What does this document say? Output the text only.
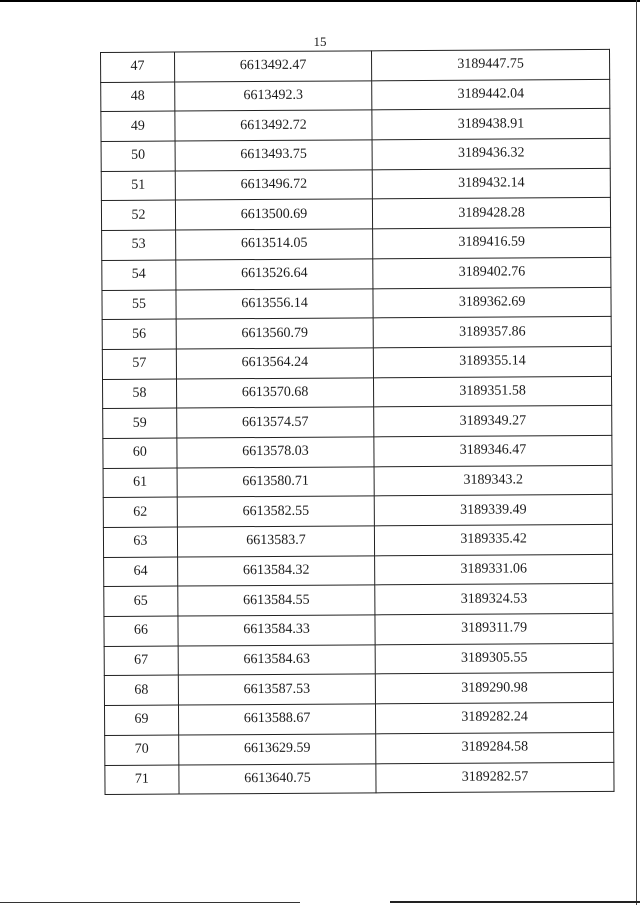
15
47	6613492.47	3189447.75
48	6613492.3	3189442.04
49	6613492.72	3189438.91
50	6613493.75	3189436.32
51	6613496.72	3189432.14
52	6613500.69	3189428.28
53	6613514.05	3189416.59
54	6613526.64	3189402.76
55	6613556.14	3189362.69
56	6613560.79	3189357.86
57	6613564.24	3189355.14
58	6613570.68	3189351.58
59	6613574.57	3189349.27
60	6613578.03	3189346.47
61	6613580.71	3189343.2
62	6613582.55	3189339.49
63	6613583.7	3189335.42
64	6613584.32	3189331.06
65	6613584.55	3189324.53
66	6613584.33	3189311.79
67	6613584.63	3189305.55
68	6613587.53	3189290.98
69	6613588.67	3189282.24
70	6613629.59	3189284.58
71	6613640.75	3189282.57
